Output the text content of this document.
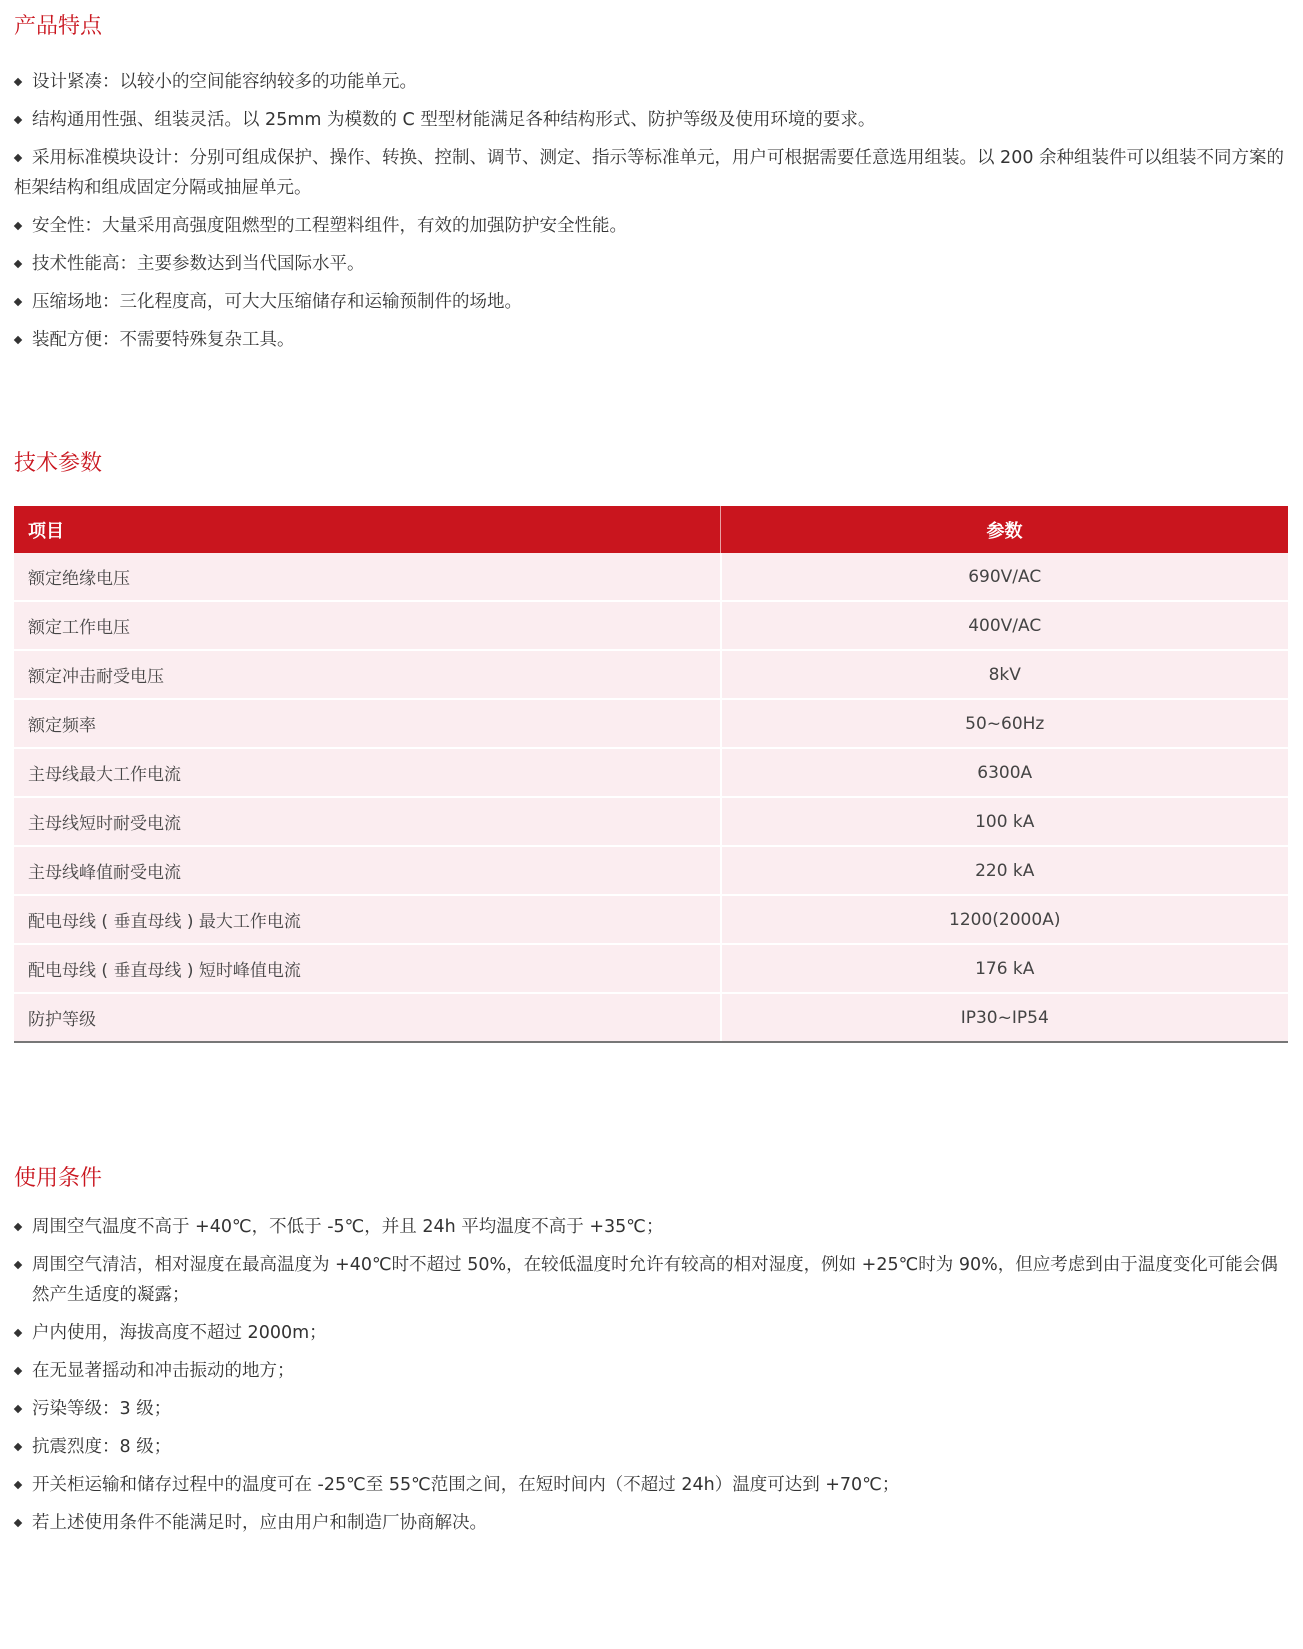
产品特点
设计紧凑：以较小的空间能容纳较多的功能单元。
结构通用性强、组装灵活。以 25mm 为模数的 C 型型材能满足各种结构形式、防护等级及使用环境的要求。
采用标准模块设计：分别可组成保护、操作、转换、控制、调节、测定、指示等标准单元，用户可根据需要任意选用组装。以 200 余种组装件可以组装不同方案的柜架结构和组成固定分隔或抽屉单元。
安全性：大量采用高强度阻燃型的工程塑料组件，有效的加强防护安全性能。
技术性能高：主要参数达到当代国际水平。
压缩场地：三化程度高，可大大压缩储存和运输预制件的场地。
装配方便：不需要特殊复杂工具。
技术参数
项目	参数
额定绝缘电压	690V/AC
额定工作电压	400V/AC
额定冲击耐受电压	8kV
额定频率	50~60Hz
主母线最大工作电流	6300A
主母线短时耐受电流	100 kA
主母线峰值耐受电流	220 kA
配电母线 ( 垂直母线 ) 最大工作电流	1200(2000A)
配电母线 ( 垂直母线 ) 短时峰值电流	176 kA
防护等级	IP30~IP54
使用条件
周围空气温度不高于 +40℃，不低于 -5℃，并且 24h 平均温度不高于 +35℃；
周围空气清洁，相对湿度在最高温度为 +40℃时不超过 50%，在较低温度时允许有较高的相对湿度，例如 +25℃时为 90%，但应考虑到由于温度变化可能会偶然产生适度的凝露；
户内使用，海拔高度不超过 2000m；
在无显著摇动和冲击振动的地方；
污染等级：3 级；
抗震烈度：8 级；
开关柜运输和储存过程中的温度可在 -25℃至 55℃范围之间，在短时间内（不超过 24h）温度可达到 +70℃；
若上述使用条件不能满足时，应由用户和制造厂协商解决。
